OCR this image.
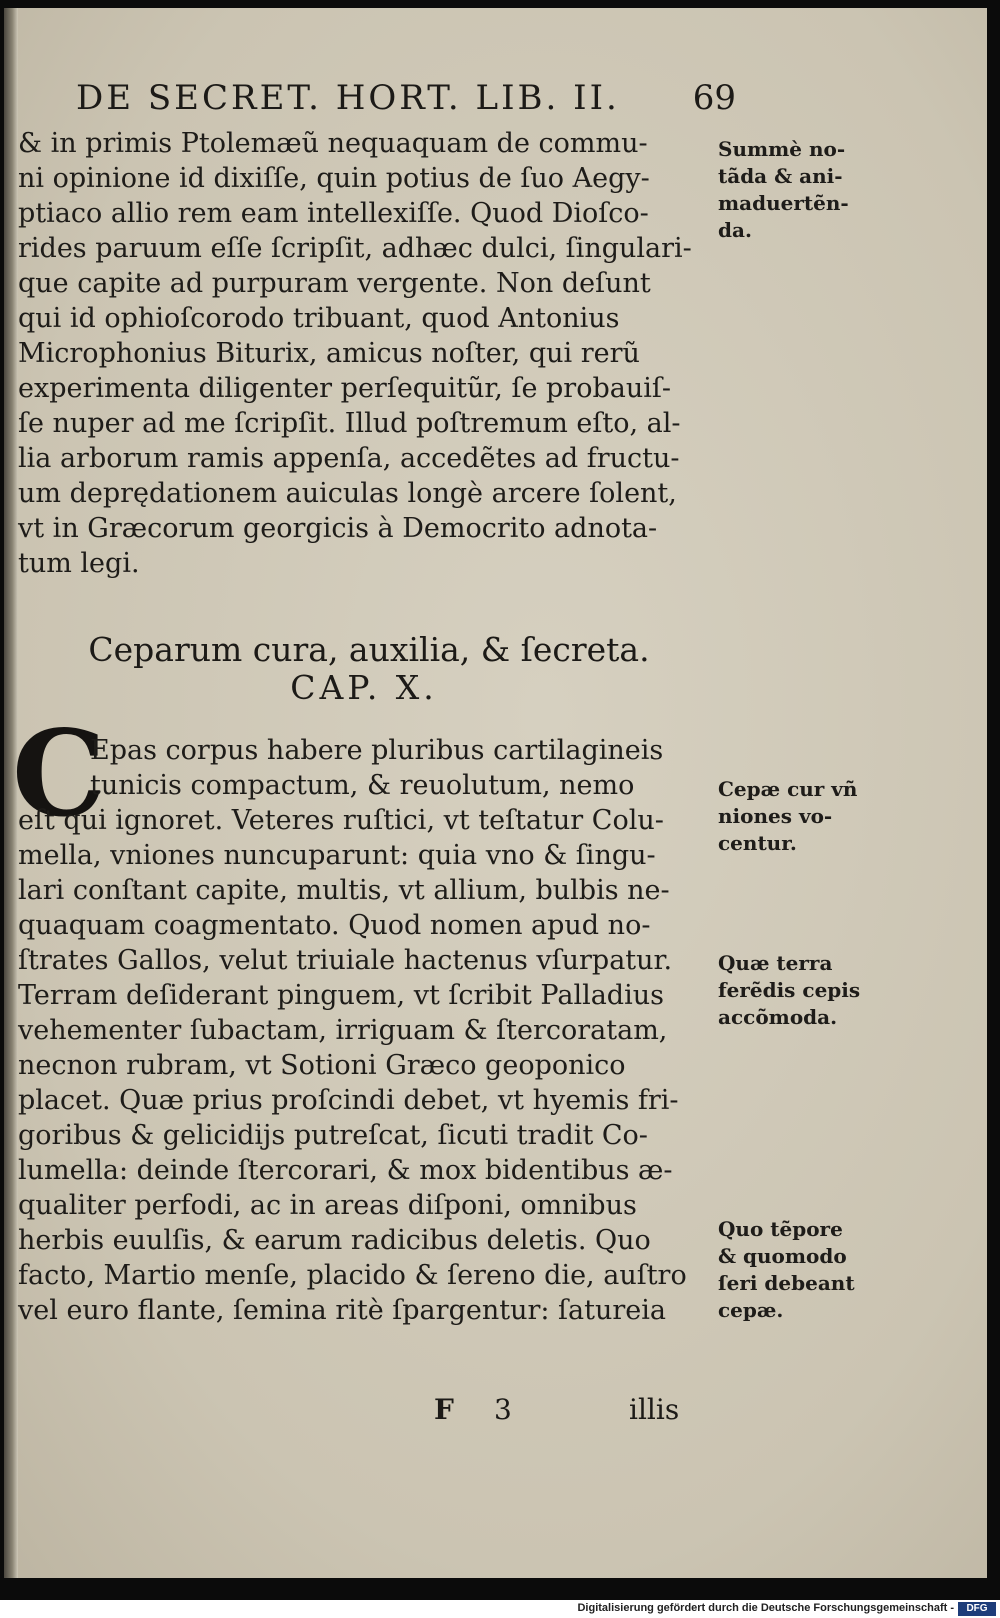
DE SECRET. HORT. LIB. II. 69
& in primis Ptolemæũ nequaquam de commu-
ni opinione id dixiſſe, quin potius de ſuo Aegy-
ptiaco allio rem eam intellexiſſe. Quod Dioſco-
rides paruum eſſe ſcripſit, adhæc dulci, ſingulari-
que capite ad purpuram vergente. Non deſunt
qui id ophioſcorodo tribuant, quod Antonius
Microphonius Biturix, amicus noſter, qui rerũ
experimenta diligenter perſequitũr, ſe probauiſ-
ſe nuper ad me ſcripſit. Illud poſtremum eſto, al-
lia arborum ramis appenſa, accedẽtes ad fructu-
um deprędationem auiculas longè arcere ſolent,
vt in Græcorum georgicis à Democrito adnota-
tum legi.
Summè no-
tãda & ani-
maduertẽn-
da.
Ceparum cura, auxilia, & ſecreta.
CAP. X.
C
Epas corpus habere pluribus cartilagineis
tunicis compactum, & reuolutum, nemo
eſt qui ignoret. Veteres ruſtici, vt teſtatur Colu-
mella, vniones nuncuparunt: quia vno & ſingu-
lari conſtant capite, multis, vt allium, bulbis ne-
quaquam coagmentato. Quod nomen apud no-
ſtrates Gallos, velut triuiale hactenus vſurpatur.
Terram deſiderant pinguem, vt ſcribit Palladius
vehementer ſubactam, irriguam & ſtercoratam,
necnon rubram, vt Sotioni Græco geoponico
placet. Quæ prius proſcindi debet, vt hyemis fri-
goribus & gelicidijs putreſcat, ſicuti tradit Co-
lumella: deinde ſtercorari, & mox bidentibus æ-
qualiter perfodi, ac in areas diſponi, omnibus
herbis euulſis, & earum radicibus deletis. Quo
facto, Martio menſe, placido & ſereno die, auſtro
vel euro flante, ſemina ritè ſpargentur: ſatureia
Cepæ cur vñ
niones vo-
centur.
Quæ terra
ferẽdis cepis
accõmoda.
Quo tẽpore
& quomodo
ſeri debeant
cepæ.
F 3	illis
Digitalisierung gefördert durch die Deutsche Forschungsgemeinschaft -	DFG
